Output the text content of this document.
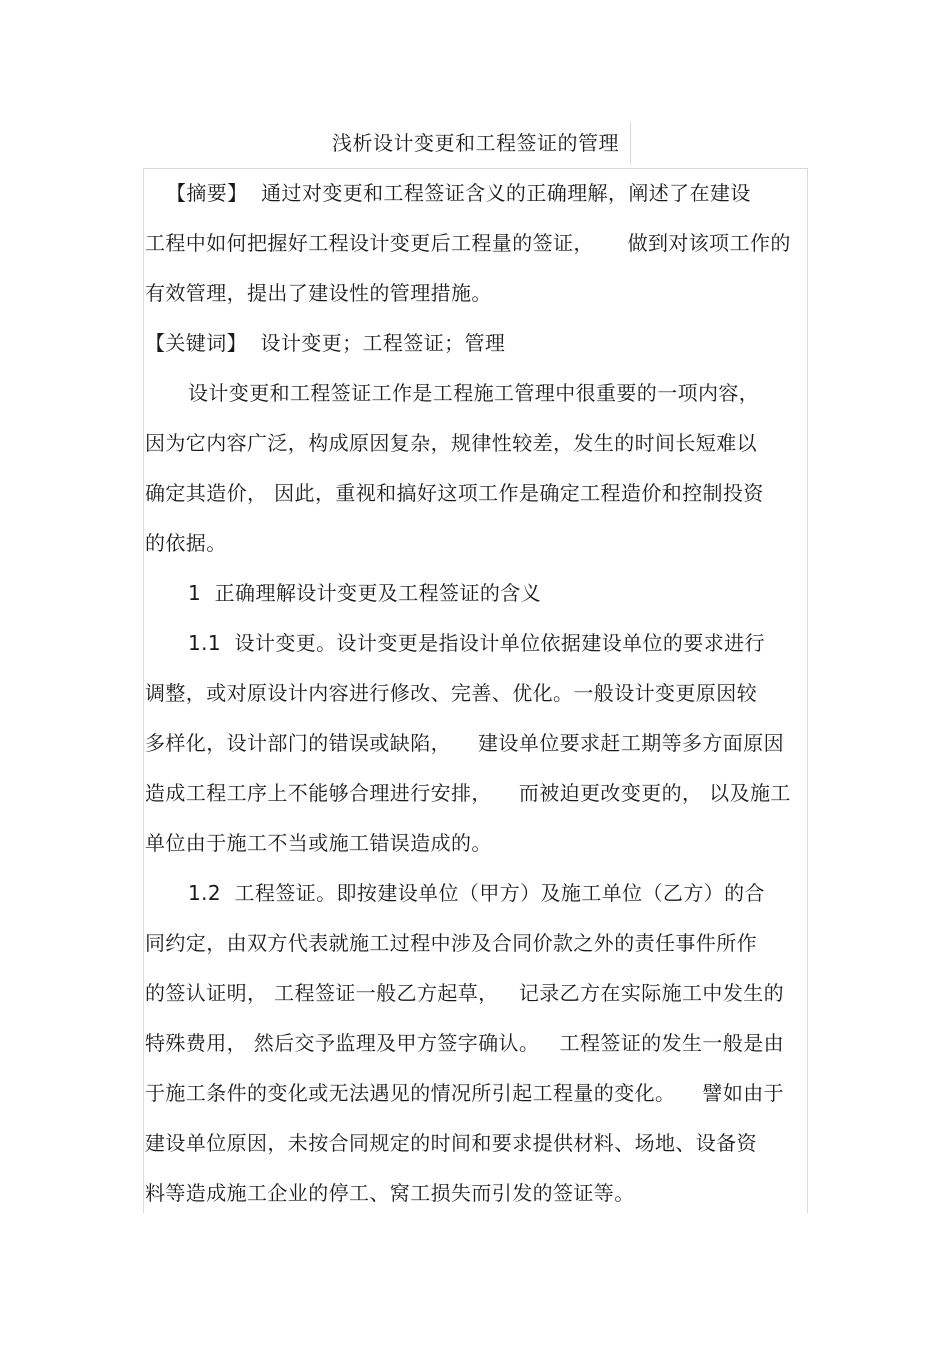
浅析设计变更和工程签证的管理
【摘要】  通过对变更和工程签证含义的正确理解，阐述了在建设
工程中如何把握好工程设计变更后工程量的签证，     做到对该项工作的
有效管理，提出了建设性的管理措施。
【关键词】  设计变更；工程签证；管理
设计变更和工程签证工作是工程施工管理中很重要的一项内容，
因为它内容广泛，构成原因复杂，规律性较差，发生的时间长短难以
确定其造价， 因此，重视和搞好这项工作是确定工程造价和控制投资
的依据。
1  正确理解设计变更及工程签证的含义
1.1  设计变更。设计变更是指设计单位依据建设单位的要求进行
调整，或对原设计内容进行修改、完善、优化。一般设计变更原因较
多样化，设计部门的错误或缺陷，    建设单位要求赶工期等多方面原因
造成工程工序上不能够合理进行安排，    而被迫更改变更的， 以及施工
单位由于施工不当或施工错误造成的。
1.2  工程签证。即按建设单位（甲方）及施工单位（乙方）的合
同约定，由双方代表就施工过程中涉及合同价款之外的责任事件所作
的签认证明， 工程签证一般乙方起草，   记录乙方在实际施工中发生的
特殊费用， 然后交予监理及甲方签字确认。   工程签证的发生一般是由
于施工条件的变化或无法遇见的情况所引起工程量的变化。    譬如由于
建设单位原因，未按合同规定的时间和要求提供材料、场地、设备资
料等造成施工企业的停工、窝工损失而引发的签证等。
